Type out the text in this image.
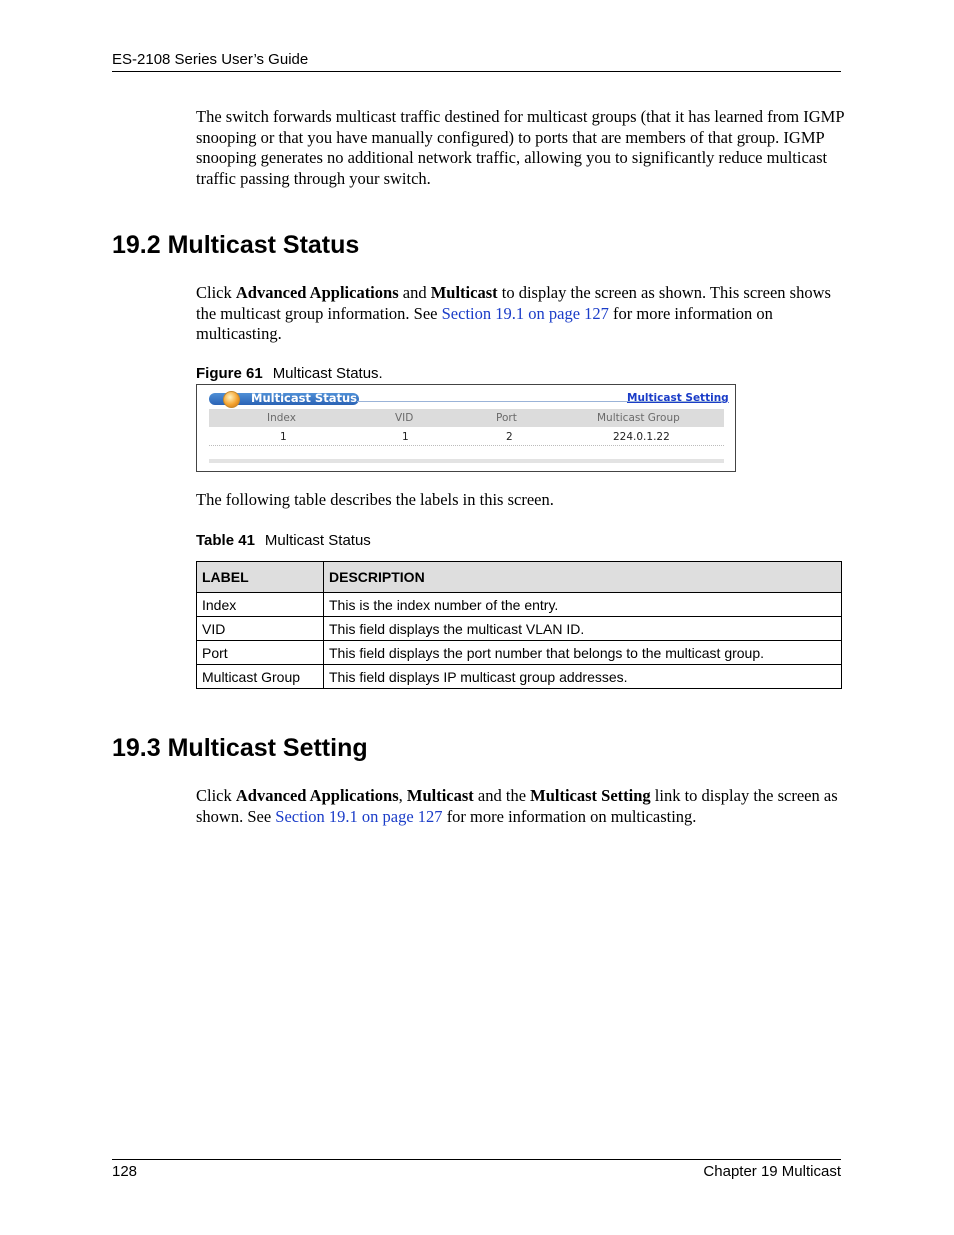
ES-2108 Series User’s Guide

The switch forwards multicast traffic destined for multicast groups (that it has learned from IGMP snooping or that you have manually configured) to ports that are members of that group. IGMP snooping generates no additional network traffic, allowing you to significantly reduce multicast traffic passing through your switch.

19.2 Multicast Status

Click Advanced Applications and Multicast to display the screen as shown. This screen shows the multicast group information. See Section 19.1 on page 127 for more information on multicasting.

Figure 61 Multicast Status.

Multicast Status	Multicast Setting
Index	VID	Port	Multicast Group
1	1	2	224.0.1.22

The following table describes the labels in this screen.

Table 41 Multicast Status

LABEL	DESCRIPTION
Index	This is the index number of the entry.
VID	This field displays the multicast VLAN ID.
Port	This field displays the port number that belongs to the multicast group.
Multicast Group	This field displays IP multicast group addresses.
19.3 Multicast Setting

Click Advanced Applications, Multicast and the Multicast Setting link to display the screen as shown. See Section 19.1 on page 127 for more information on multicasting.

128	Chapter 19 Multicast
